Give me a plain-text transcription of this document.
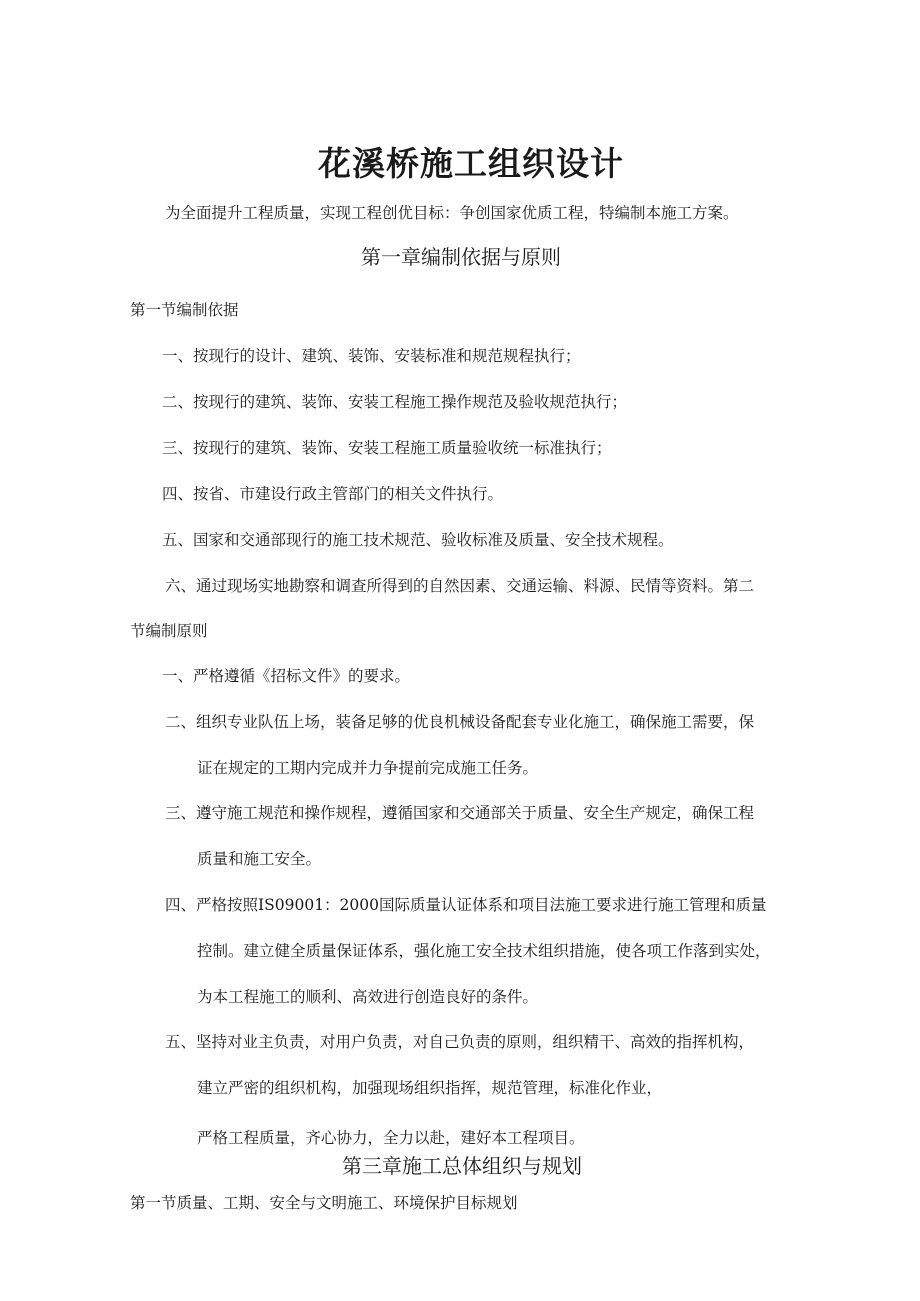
花溪桥施工组织设计

为全面提升工程质量，实现工程创优目标：争创国家优质工程，特编制本施工方案。

第一章编制依据与原则

第一节编制依据

一、按现行的设计、建筑、装饰、安装标准和规范规程执行；

二、按现行的建筑、装饰、安装工程施工操作规范及验收规范执行；

三、按现行的建筑、装饰、安装工程施工质量验收统一标准执行；

四、按省、市建设行政主管部门的相关文件执行。

五、国家和交通部现行的施工技术规范、验收标准及质量、安全技术规程。

六、通过现场实地勘察和调查所得到的自然因素、交通运输、料源、民情等资料。第二

节编制原则

一、严格遵循《招标文件》的要求。

二、组织专业队伍上场，装备足够的优良机械设备配套专业化施工，确保施工需要，保

证在规定的工期内完成并力争提前完成施工任务。

三、遵守施工规范和操作规程，遵循国家和交通部关于质量、安全生产规定，确保工程

质量和施工安全。

四、严格按照IS09001：2000国际质量认证体系和项目法施工要求进行施工管理和质量

控制。建立健全质量保证体系，强化施工安全技术组织措施，使各项工作落到实处，

为本工程施工的顺利、高效进行创造良好的条件。

五、坚持对业主负责，对用户负责，对自己负责的原则，组织精干、高效的指挥机构，

建立严密的组织机构，加强现场组织指挥，规范管理，标准化作业，

严格工程质量，齐心协力，全力以赴，建好本工程项目。

第三章施工总体组织与规划

第一节质量、工期、安全与文明施工、环境保护目标规划
